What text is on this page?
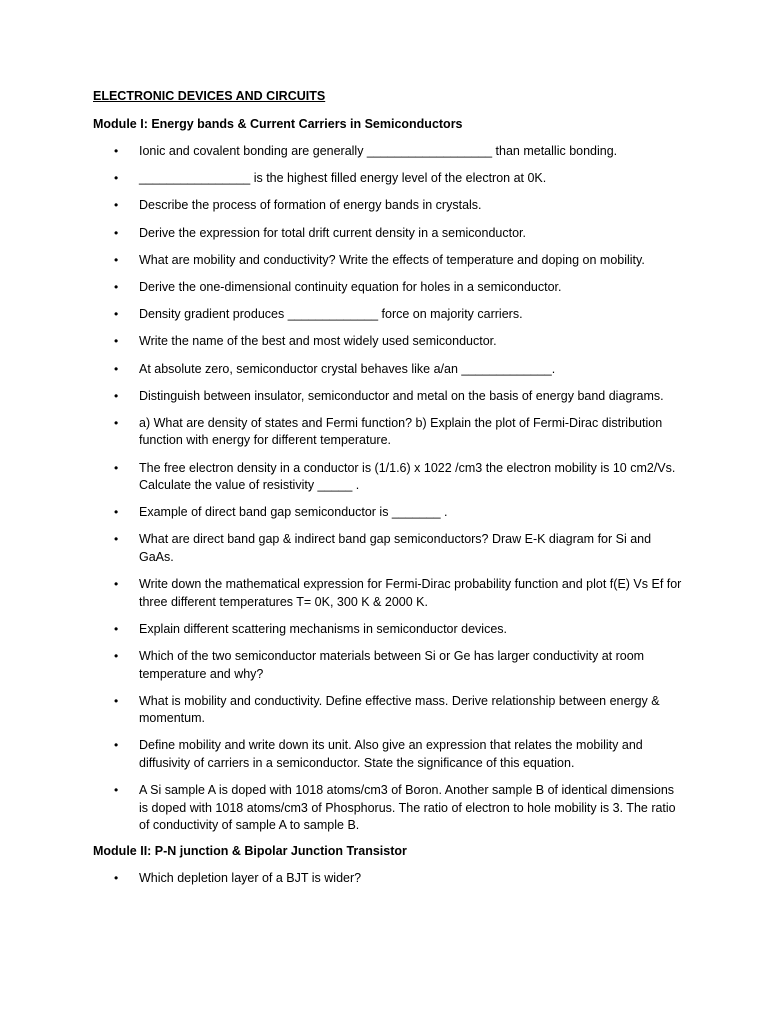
ELECTRONIC DEVICES AND CIRCUITS
Module I: Energy bands & Current Carriers in Semiconductors
• Ionic and covalent bonding are generally __________________ than metallic bonding.
• ________________ is the highest filled energy level of the electron at 0K.
• Describe the process of formation of energy bands in crystals.
• Derive the expression for total drift current density in a semiconductor.
• What are mobility and conductivity? Write the effects of temperature and doping on mobility.
• Derive the one-dimensional continuity equation for holes in a semiconductor.
• Density gradient produces _____________ force on majority carriers.
• Write the name of the best and most widely used semiconductor.
• At absolute zero, semiconductor crystal behaves like a/an _____________.
• Distinguish between insulator, semiconductor and metal on the basis of energy band diagrams.
• a) What are density of states and Fermi function? b) Explain the plot of Fermi-Dirac distribution function with energy for different temperature.
• The free electron density in a conductor is (1/1.6) x 1022 /cm3 the electron mobility is 10 cm2/Vs. Calculate the value of resistivity _____ .
• Example of direct band gap semiconductor is _______ .
• What are direct band gap & indirect band gap semiconductors? Draw E-K diagram for Si and GaAs.
• Write down the mathematical expression for Fermi-Dirac probability function and plot f(E) Vs Ef for three different temperatures T= 0K, 300 K & 2000 K.
• Explain different scattering mechanisms in semiconductor devices.
• Which of the two semiconductor materials between Si or Ge has larger conductivity at room temperature and why?
• What is mobility and conductivity. Define effective mass. Derive relationship between energy & momentum.
• Define mobility and write down its unit. Also give an expression that relates the mobility and diffusivity of carriers in a semiconductor. State the significance of this equation.
• A Si sample A is doped with 1018 atoms/cm3 of Boron. Another sample B of identical dimensions is doped with 1018 atoms/cm3 of Phosphorus. The ratio of electron to hole mobility is 3. The ratio of conductivity of sample A to sample B.
Module II: P-N junction & Bipolar Junction Transistor
• Which depletion layer of a BJT is wider?
